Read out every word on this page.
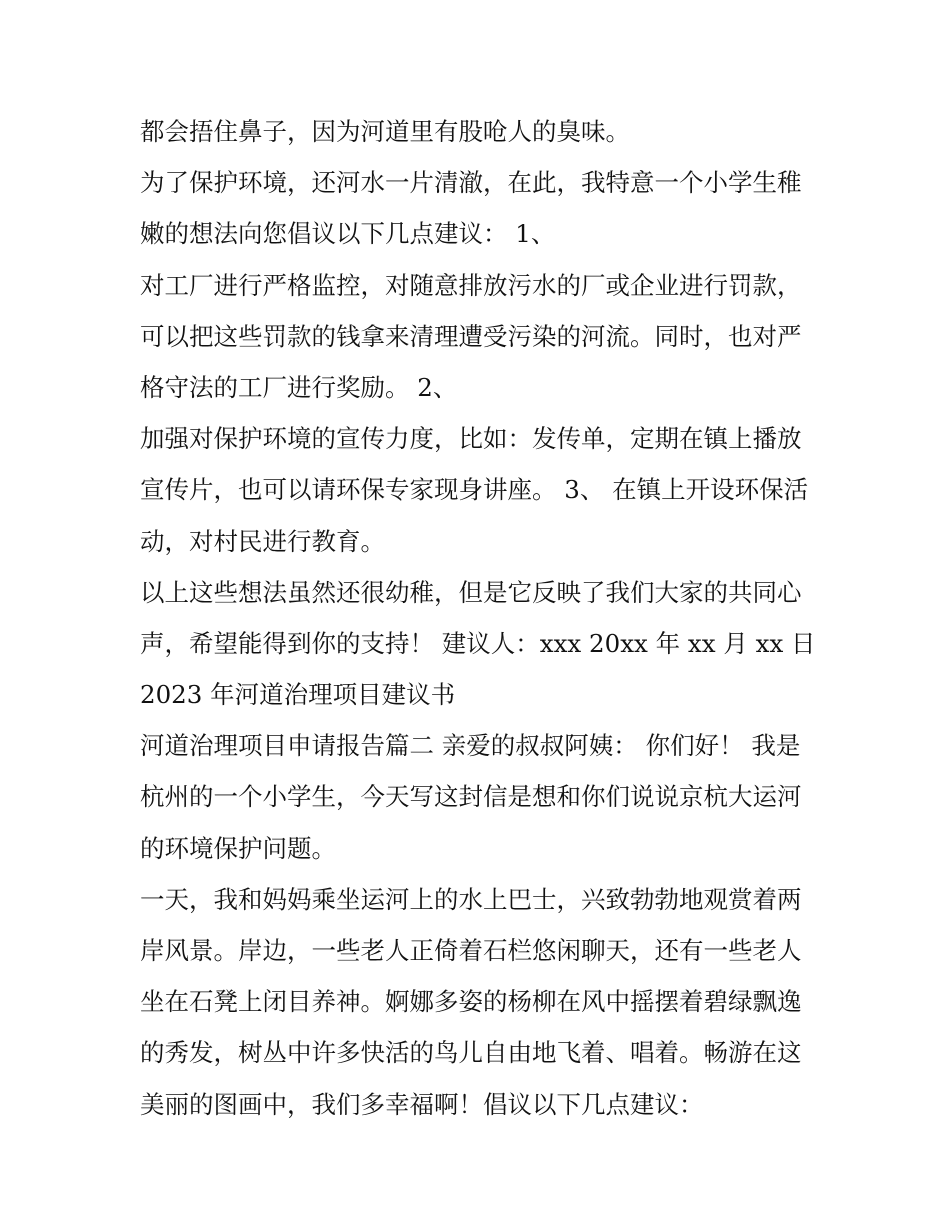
都会捂住鼻子，因为河道里有股呛人的臭味。
为了保护环境，还河水一片清澈，在此，我特意一个小学生稚
嫩的想法向您倡议以下几点建议： 1、
对工厂进行严格监控，对随意排放污水的厂或企业进行罚款，
可以把这些罚款的钱拿来清理遭受污染的河流。同时，也对严
格守法的工厂进行奖励。 2、
加强对保护环境的宣传力度，比如：发传单，定期在镇上播放
宣传片，也可以请环保专家现身讲座。 3、 在镇上开设环保活
动，对村民进行教育。
以上这些想法虽然还很幼稚，但是它反映了我们大家的共同心
声，希望能得到你的支持！ 建议人：xxx 20xx 年 xx 月 xx 日
2023 年河道治理项目建议书
河道治理项目申请报告篇二 亲爱的叔叔阿姨： 你们好！ 我是
杭州的一个小学生，今天写这封信是想和你们说说京杭大运河
的环境保护问题。
一天，我和妈妈乘坐运河上的水上巴士，兴致勃勃地观赏着两
岸风景。岸边，一些老人正倚着石栏悠闲聊天，还有一些老人
坐在石凳上闭目养神。婀娜多姿的杨柳在风中摇摆着碧绿飘逸
的秀发，树丛中许多快活的鸟儿自由地飞着、唱着。畅游在这
美丽的图画中，我们多幸福啊！倡议以下几点建议：
